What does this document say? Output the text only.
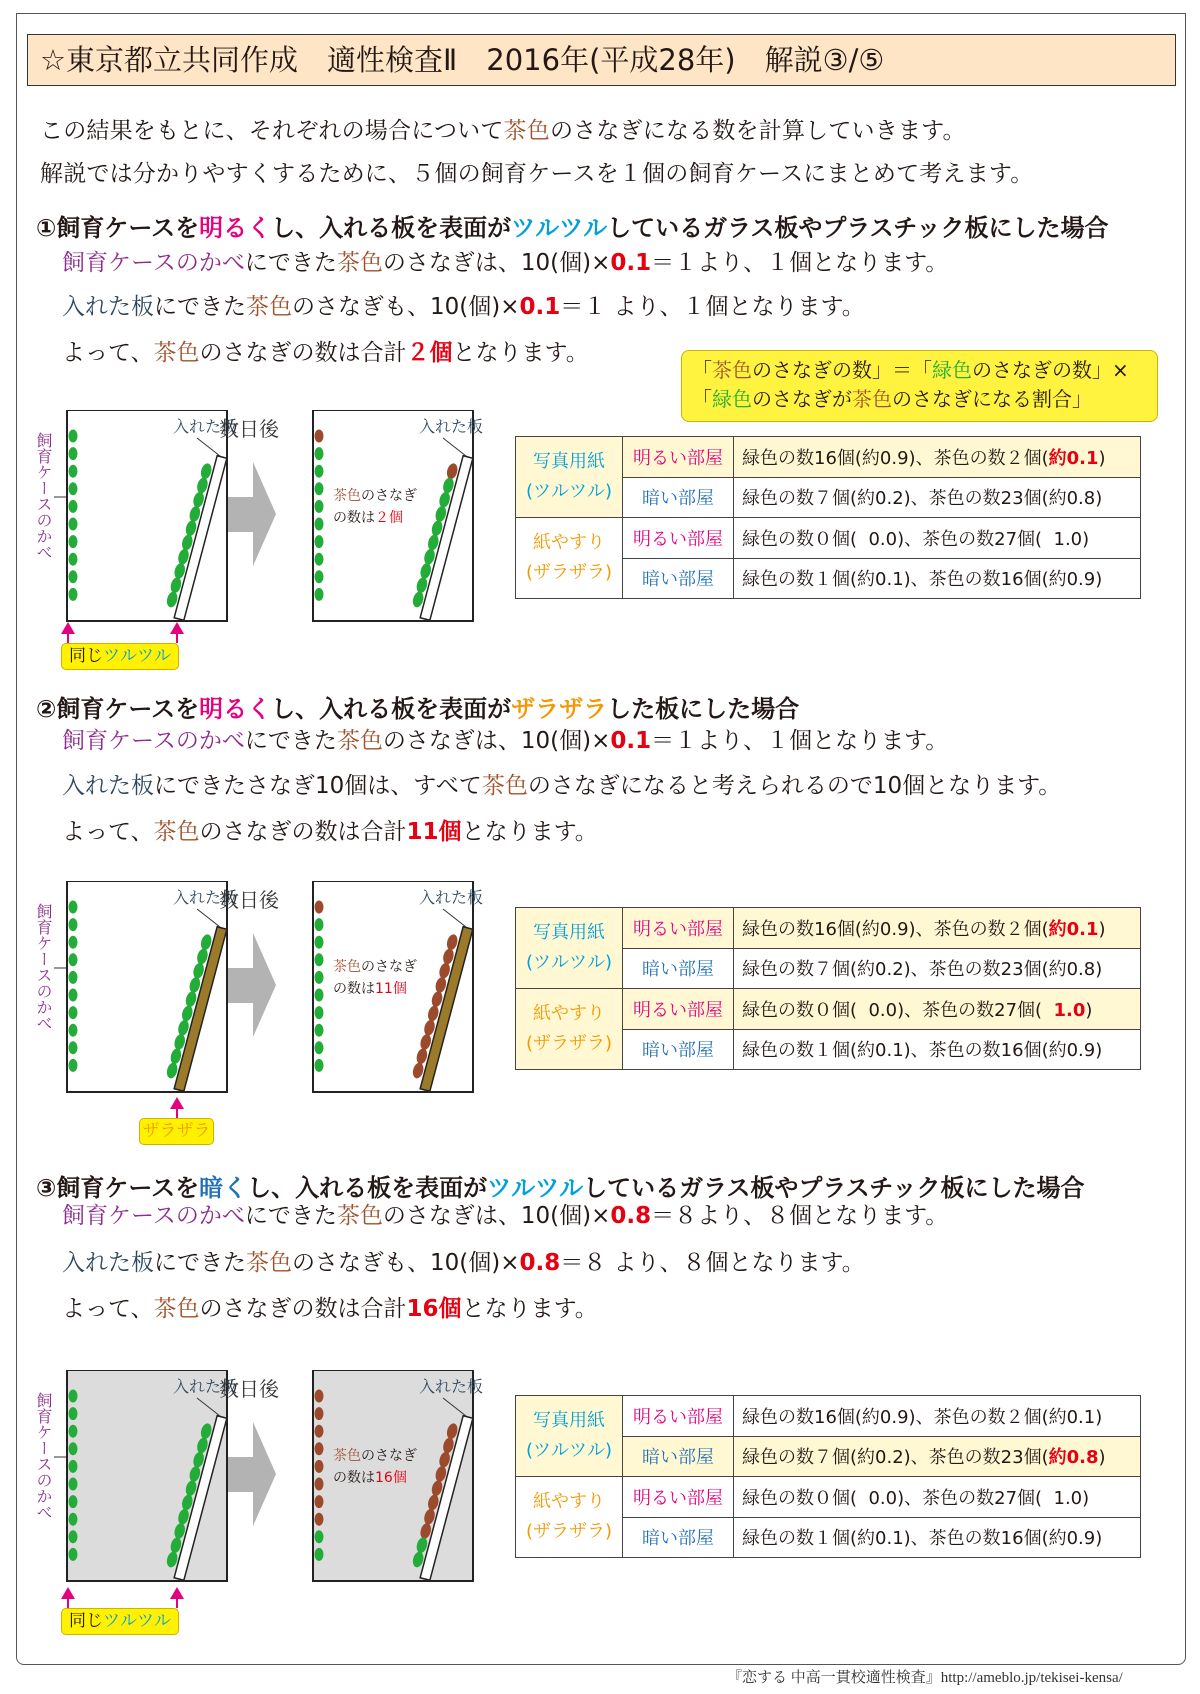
☆東京都立共同作成　適性検査Ⅱ　2016年(平成28年)　解説③/⑤
この結果をもとに、それぞれの場合について茶色のさなぎになる数を計算していきます。
解説では分かりやすくするために、５個の飼育ケースを１個の飼育ケースにまとめて考えます。
①飼育ケースを明るくし、入れる板を表面がツルツルしているガラス板やプラスチック板にした場合
飼育ケースのかべにできた茶色のさなぎは、10(個)×0.1＝１より、１個となります。
入れた板にできた茶色のさなぎも、10(個)×0.1＝１ より、１個となります。
よって、茶色のさなぎの数は合計２個となります。
「茶色のさなぎの数」＝「緑色のさなぎの数」×
「緑色のさなぎが茶色のさなぎになる割合」
飼育ケースのかべ
入れた板	入れた板
数日後
茶色のさなぎ
の数は２個
同じツルツル
写真用紙
(ツルツル)	明るい部屋	緑色の数16個(約0.9)、茶色の数２個(約0.1)
	暗い部屋	緑色の数７個(約0.2)、茶色の数23個(約0.8)

紙やすり
(ザラザラ)	明るい部屋	緑色の数０個(  0.0)、茶色の数27個(  1.0)
	暗い部屋	緑色の数１個(約0.1)、茶色の数16個(約0.9)
②飼育ケースを明るくし、入れる板を表面がザラザラした板にした場合
飼育ケースのかべにできた茶色のさなぎは、10(個)×0.1＝１より、１個となります。
入れた板にできたさなぎ10個は、すべて茶色のさなぎになると考えられるので10個となります。
よって、茶色のさなぎの数は合計11個となります。
飼育ケースのかべ
入れた板	入れた板
数日後
茶色のさなぎ
の数は11個
ザラザラ
写真用紙
(ツルツル)	明るい部屋	緑色の数16個(約0.9)、茶色の数２個(約0.1)
	暗い部屋	緑色の数７個(約0.2)、茶色の数23個(約0.8)

紙やすり
(ザラザラ)	明るい部屋	緑色の数０個(  0.0)、茶色の数27個(  1.0)
	暗い部屋	緑色の数１個(約0.1)、茶色の数16個(約0.9)
③飼育ケースを暗くし、入れる板を表面がツルツルしているガラス板やプラスチック板にした場合
飼育ケースのかべにできた茶色のさなぎは、10(個)×0.8＝８より、８個となります。
入れた板にできた茶色のさなぎも、10(個)×0.8＝８ より、８個となります。
よって、茶色のさなぎの数は合計16個となります。
飼育ケースのかべ
入れた板	入れた板
数日後
茶色のさなぎ
の数は16個
同じツルツル
写真用紙
(ツルツル)	明るい部屋	緑色の数16個(約0.9)、茶色の数２個(約0.1)
	暗い部屋	緑色の数７個(約0.2)、茶色の数23個(約0.8)

紙やすり
(ザラザラ)	明るい部屋	緑色の数０個(  0.0)、茶色の数27個(  1.0)
	暗い部屋	緑色の数１個(約0.1)、茶色の数16個(約0.9)
『恋する 中高一貫校適性検査』http://ameblo.jp/tekisei-kensa/
